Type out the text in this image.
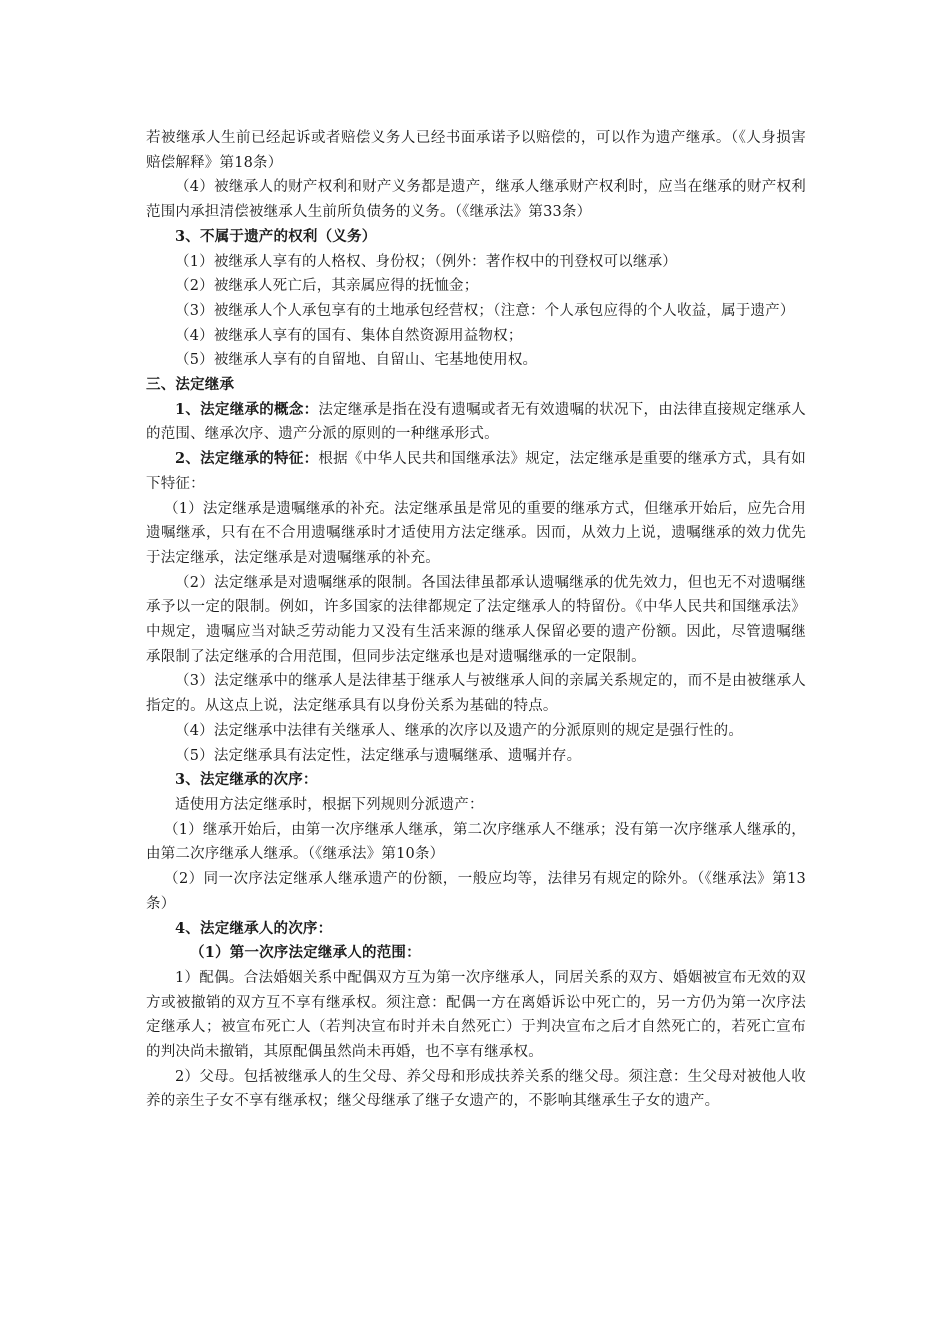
若被继承人生前已经起诉或者赔偿义务人已经书面承诺予以赔偿的，可以作为遗产继承。（《人身损害赔偿解释》第18条）

（4）被继承人的财产权利和财产义务都是遗产，继承人继承财产权利时，应当在继承的财产权利范围内承担清偿被继承人生前所负债务的义务。（《继承法》第33条）

3、不属于遗产的权利（义务）

（1）被继承人享有的人格权、身份权；（例外：著作权中的刊登权可以继承）

（2）被继承人死亡后，其亲属应得的抚恤金；

（3）被继承人个人承包享有的土地承包经营权；（注意：个人承包应得的个人收益，属于遗产）

（4）被继承人享有的国有、集体自然资源用益物权；

（5）被继承人享有的自留地、自留山、宅基地使用权。

三、法定继承

1、法定继承的概念：法定继承是指在没有遗嘱或者无有效遗嘱的状况下，由法律直接规定继承人的范围、继承次序、遗产分派的原则的一种继承形式。

2、法定继承的特征：根据《中华人民共和国继承法》规定，法定继承是重要的继承方式，具有如下特征：

（1）法定继承是遗嘱继承的补充。法定继承虽是常见的重要的继承方式，但继承开始后，应先合用遗嘱继承，只有在不合用遗嘱继承时才适使用方法定继承。因而，从效力上说，遗嘱继承的效力优先于法定继承，法定继承是对遗嘱继承的补充。

（2）法定继承是对遗嘱继承的限制。各国法律虽都承认遗嘱继承的优先效力，但也无不对遗嘱继承予以一定的限制。例如，许多国家的法律都规定了法定继承人的特留份。《中华人民共和国继承法》中规定，遗嘱应当对缺乏劳动能力又没有生活来源的继承人保留必要的遗产份额。因此，尽管遗嘱继承限制了法定继承的合用范围，但同步法定继承也是对遗嘱继承的一定限制。

（3）法定继承中的继承人是法律基于继承人与被继承人间的亲属关系规定的，而不是由被继承人指定的。从这点上说，法定继承具有以身份关系为基础的特点。

（4）法定继承中法律有关继承人、继承的次序以及遗产的分派原则的规定是强行性的。

（5）法定继承具有法定性，法定继承与遗嘱继承、遗嘱并存。

3、法定继承的次序：

适使用方法定继承时，根据下列规则分派遗产：

（1）继承开始后，由第一次序继承人继承，第二次序继承人不继承；没有第一次序继承人继承的，由第二次序继承人继承。（《继承法》第10条）

（2）同一次序法定继承人继承遗产的份额，一般应均等，法律另有规定的除外。（《继承法》第13条）

4、法定继承人的次序：

（1）第一次序法定继承人的范围：

1）配偶。合法婚姻关系中配偶双方互为第一次序继承人，同居关系的双方、婚姻被宣布无效的双方或被撤销的双方互不享有继承权。须注意：配偶一方在离婚诉讼中死亡的，另一方仍为第一次序法定继承人；被宣布死亡人（若判决宣布时并未自然死亡）于判决宣布之后才自然死亡的，若死亡宣布的判决尚未撤销，其原配偶虽然尚未再婚，也不享有继承权。

2）父母。包括被继承人的生父母、养父母和形成扶养关系的继父母。须注意：生父母对被他人收养的亲生子女不享有继承权；继父母继承了继子女遗产的，不影响其继承生子女的遗产。
